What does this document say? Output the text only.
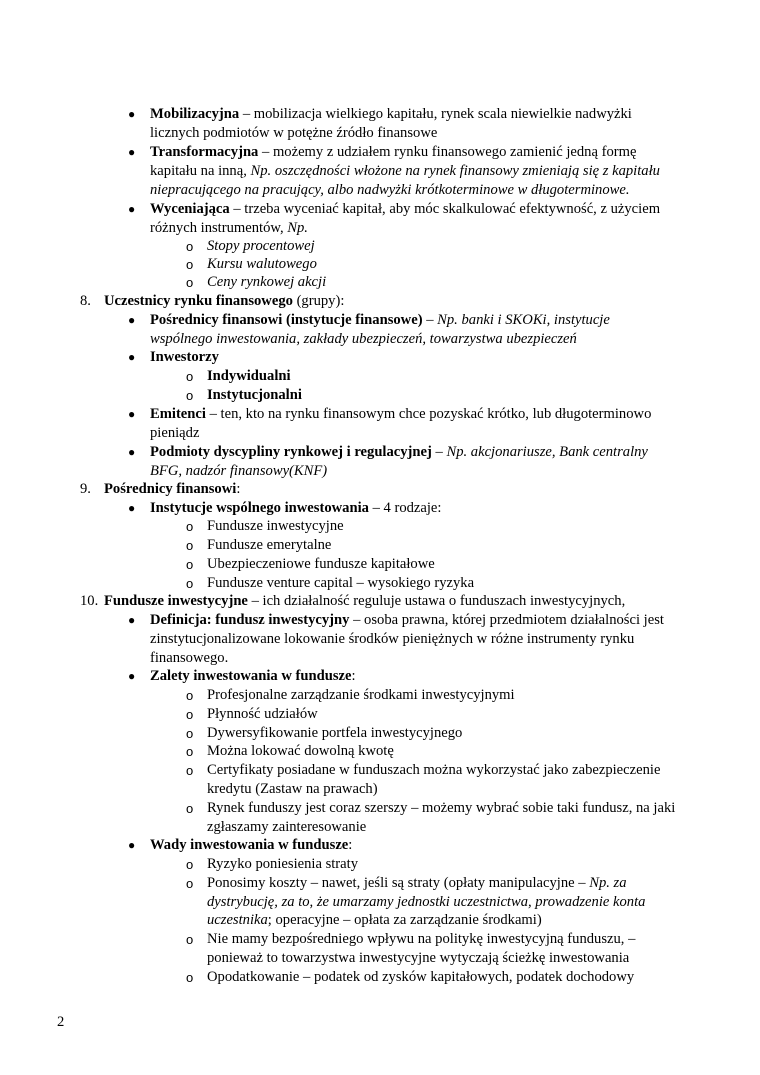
● Mobilizacyjna – mobilizacja wielkiego kapitału, rynek scala niewielkie nadwyżki
licznych podmiotów w potężne źródło finansowe
● Transformacyjna – możemy z udziałem rynku finansowego zamienić jedną formę
kapitału na inną, Np. oszczędności włożone na rynek finansowy zmieniają się z kapitału
niepracującego na pracujący, albo nadwyżki krótkoterminowe w długoterminowe.
● Wyceniająca – trzeba wyceniać kapitał, aby móc skalkulować efektywność, z użyciem
różnych instrumentów, Np.
o Stopy procentowej
o Kursu walutowego
o Ceny rynkowej akcji
8. Uczestnicy rynku finansowego (grupy):
● Pośrednicy finansowi (instytucje finansowe) – Np. banki i SKOKi, instytucje
wspólnego inwestowania, zakłady ubezpieczeń, towarzystwa ubezpieczeń
● Inwestorzy
o Indywidualni
o Instytucjonalni
● Emitenci – ten, kto na rynku finansowym chce pozyskać krótko, lub długoterminowo
pieniądz
● Podmioty dyscypliny rynkowej i regulacyjnej – Np. akcjonariusze, Bank centralny
BFG, nadzór finansowy(KNF)
9. Pośrednicy finansowi:
● Instytucje wspólnego inwestowania – 4 rodzaje:
o Fundusze inwestycyjne
o Fundusze emerytalne
o Ubezpieczeniowe fundusze kapitałowe
o Fundusze venture capital – wysokiego ryzyka
10. Fundusze inwestycyjne – ich działalność reguluje ustawa o funduszach inwestycyjnych,
● Definicja: fundusz inwestycyjny – osoba prawna, której przedmiotem działalności jest
zinstytucjonalizowane lokowanie środków pieniężnych w różne instrumenty rynku
finansowego.
● Zalety inwestowania w fundusze:
o Profesjonalne zarządzanie środkami inwestycyjnymi
o Płynność udziałów
o Dywersyfikowanie portfela inwestycyjnego
o Można lokować dowolną kwotę
o Certyfikaty posiadane w funduszach można wykorzystać jako zabezpieczenie
kredytu (Zastaw na prawach)
o Rynek funduszy jest coraz szerszy – możemy wybrać sobie taki fundusz, na jaki
zgłaszamy zainteresowanie
● Wady inwestowania w fundusze:
o Ryzyko poniesienia straty
o Ponosimy koszty – nawet, jeśli są straty (opłaty manipulacyjne – Np. za
dystrybucję, za to, że umarzamy jednostki uczestnictwa, prowadzenie konta
uczestnika; operacyjne – opłata za zarządzanie środkami)
o Nie mamy bezpośredniego wpływu na politykę inwestycyjną funduszu, –
ponieważ to towarzystwa inwestycyjne wytyczają ścieżkę inwestowania
o Opodatkowanie – podatek od zysków kapitałowych, podatek dochodowy
2
